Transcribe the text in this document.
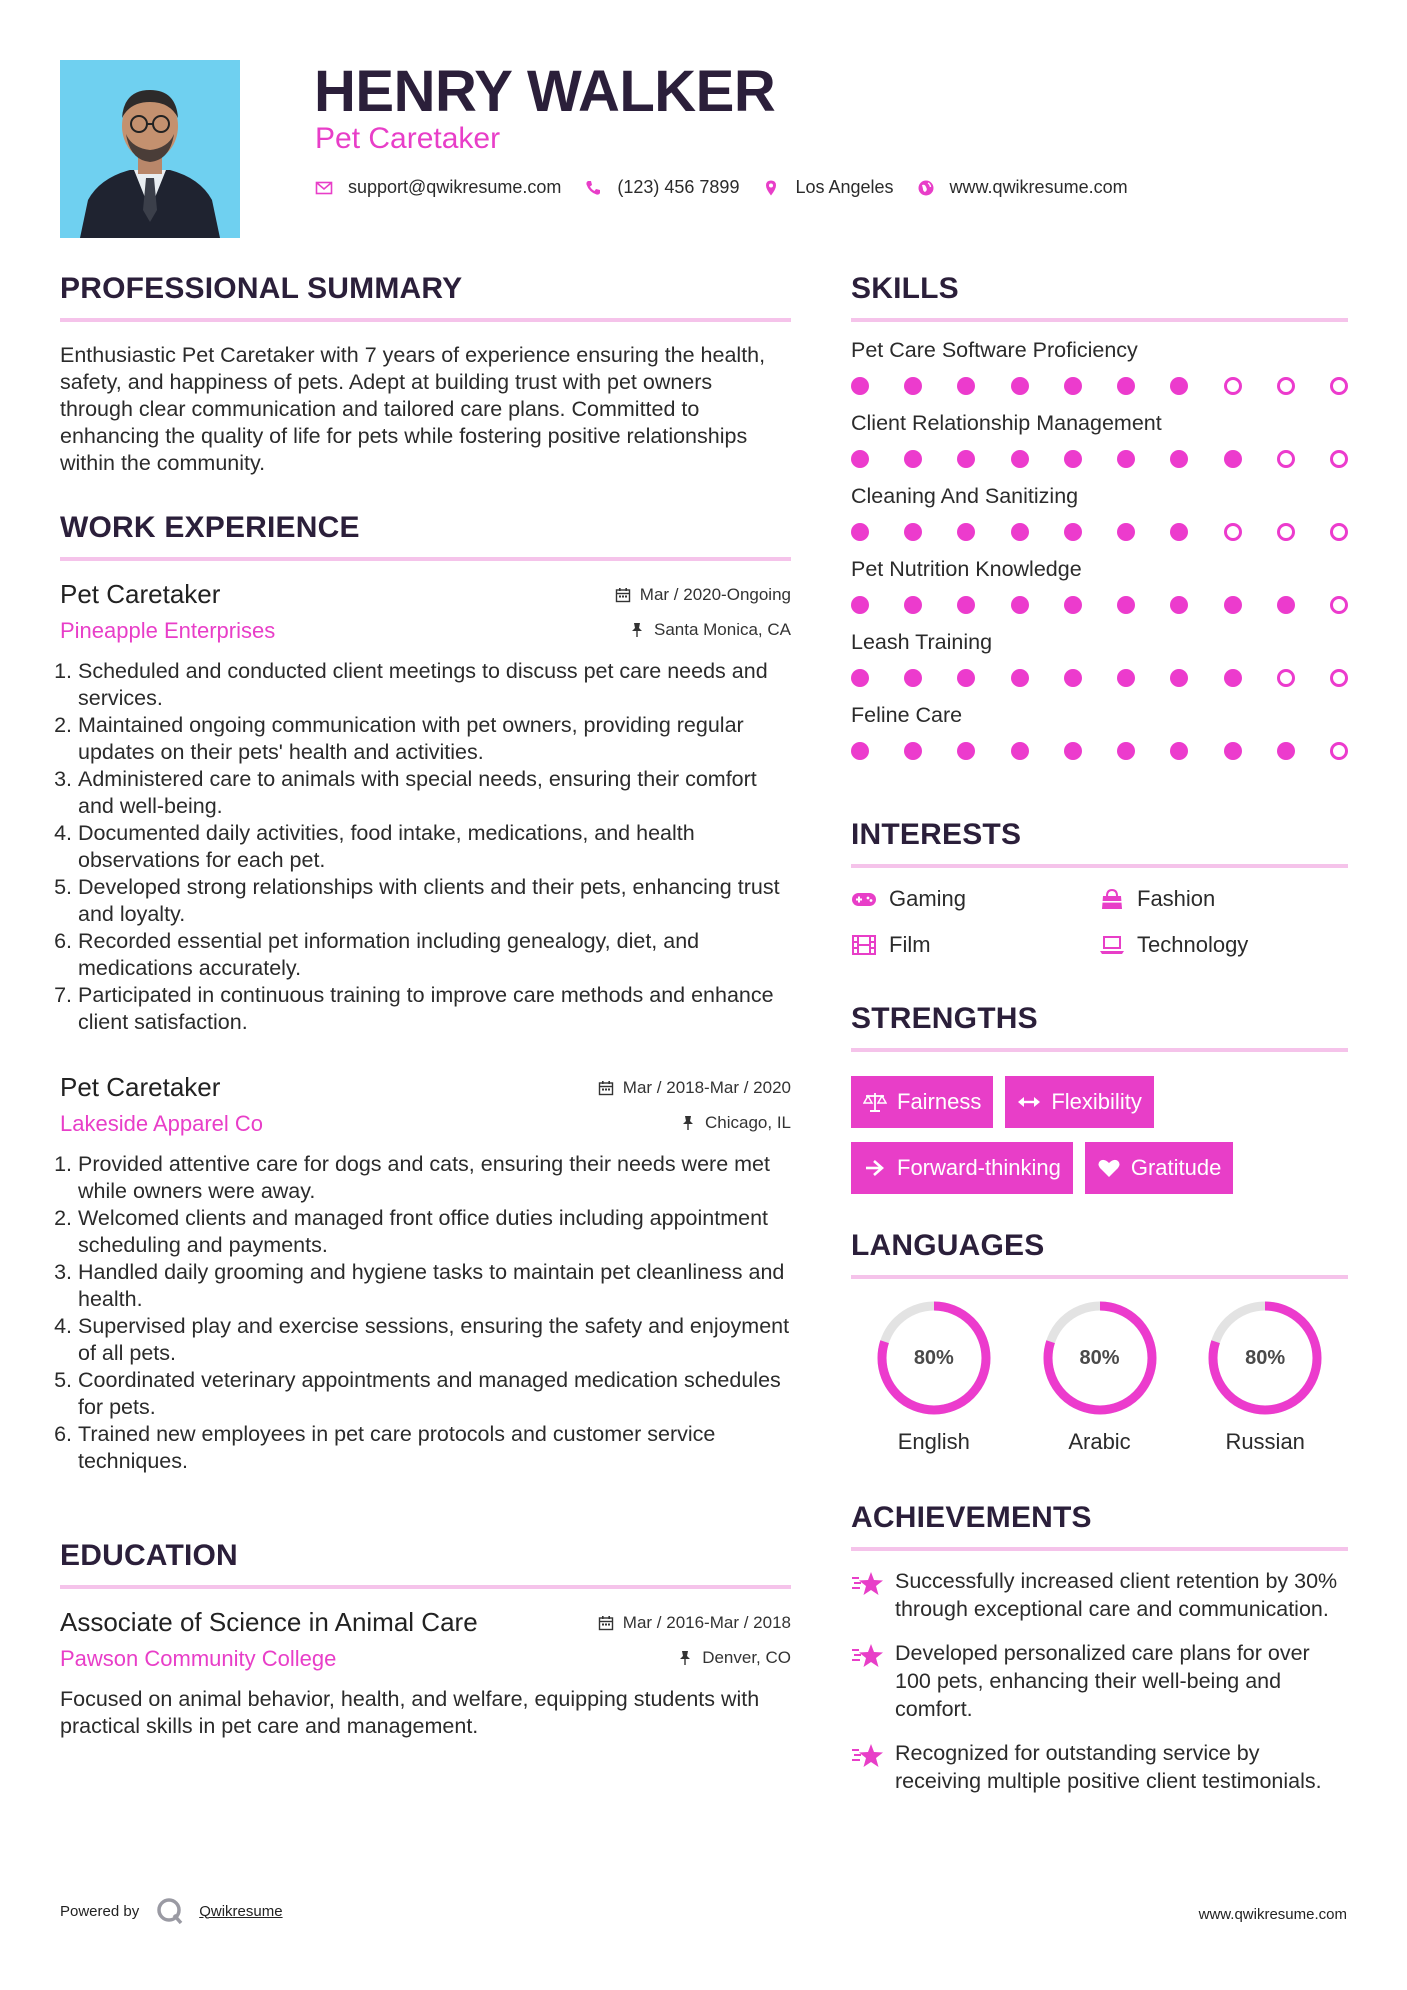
HENRY WALKER
Pet Caretaker
support@qwikresume.com	(123) 456 7899	Los Angeles	www.qwikresume.com
PROFESSIONAL SUMMARY
Enthusiastic Pet Caretaker with 7 years of experience ensuring the health, safety, and happiness of pets. Adept at building trust with pet owners through clear communication and tailored care plans. Committed to enhancing the quality of life for pets while fostering positive relationships within the community.
WORK EXPERIENCE
Pet Caretaker	Mar / 2020-Ongoing
Pineapple Enterprises	Santa Monica, CA
1. Scheduled and conducted client meetings to discuss pet care needs and services.
2. Maintained ongoing communication with pet owners, providing regular updates on their pets' health and activities.
3. Administered care to animals with special needs, ensuring their comfort and well-being.
4. Documented daily activities, food intake, medications, and health observations for each pet.
5. Developed strong relationships with clients and their pets, enhancing trust and loyalty.
6. Recorded essential pet information including genealogy, diet, and medications accurately.
7. Participated in continuous training to improve care methods and enhance client satisfaction.
Pet Caretaker	Mar / 2018-Mar / 2020
Lakeside Apparel Co	Chicago, IL
1. Provided attentive care for dogs and cats, ensuring their needs were met while owners were away.
2. Welcomed clients and managed front office duties including appointment scheduling and payments.
3. Handled daily grooming and hygiene tasks to maintain pet cleanliness and health.
4. Supervised play and exercise sessions, ensuring the safety and enjoyment of all pets.
5. Coordinated veterinary appointments and managed medication schedules for pets.
6. Trained new employees in pet care protocols and customer service techniques.
EDUCATION
Associate of Science in Animal Care	Mar / 2016-Mar / 2018
Pawson Community College	Denver, CO
Focused on animal behavior, health, and welfare, equipping students with practical skills in pet care and management.
SKILLS
Pet Care Software Proficiency
Client Relationship Management
Cleaning And Sanitizing
Pet Nutrition Knowledge
Leash Training
Feline Care
INTERESTS
Gaming	Fashion
Film	Technology
STRENGTHS
Fairness	Flexibility
Forward-thinking	Gratitude
LANGUAGES
80%
English
80%
Arabic
80%
Russian
ACHIEVEMENTS
Successfully increased client retention by 30% through exceptional care and communication.
Developed personalized care plans for over 100 pets, enhancing their well-being and comfort.
Recognized for outstanding service by receiving multiple positive client testimonials.
Powered by	Qwikresume	www.qwikresume.com
